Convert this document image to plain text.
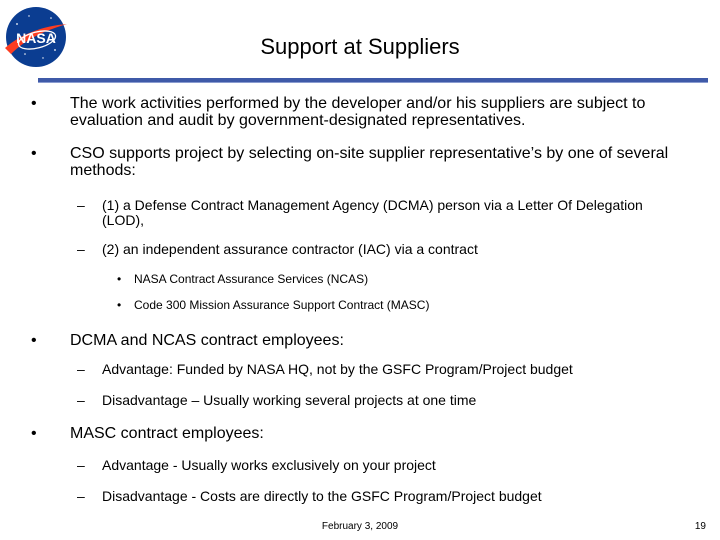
NASA	Support at Suppliers
• The work activities performed by the developer and/or his suppliers are subject to evaluation and audit by government-designated representatives.
• CSO supports project by selecting on-site supplier representative’s by one of several methods:
– (1) a Defense Contract Management Agency (DCMA) person via a Letter Of Delegation (LOD),
– (2) an independent assurance contractor (IAC) via a contract
• NASA Contract Assurance Services (NCAS)
• Code 300 Mission Assurance Support Contract (MASC)
• DCMA and NCAS contract employees:
– Advantage: Funded by NASA HQ, not by the GSFC Program/Project budget
– Disadvantage – Usually working several projects at one time
• MASC contract employees:
– Advantage - Usually works exclusively on your project
– Disadvantage - Costs are directly to the GSFC Program/Project budget
February 3, 2009	19
